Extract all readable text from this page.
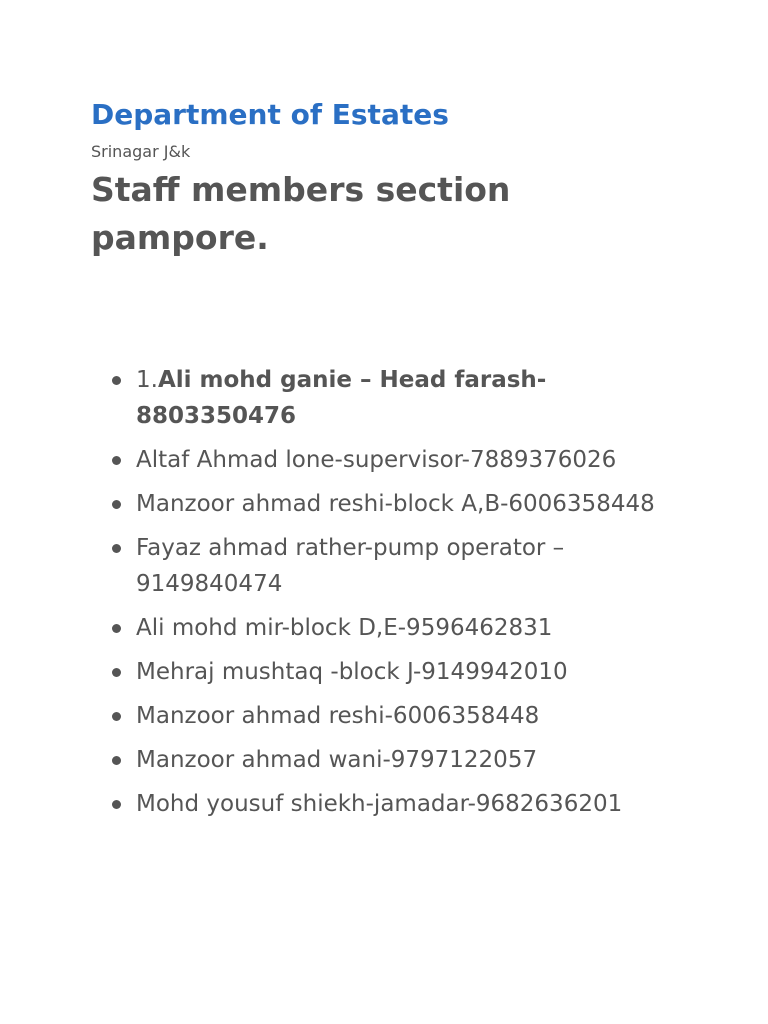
Department of Estates

Srinagar J&k

Staff members section pampore.
1.Ali mohd ganie – Head farash-8803350476
Altaf Ahmad lone-supervisor-7889376026
Manzoor ahmad reshi-block A,B-6006358448
Fayaz ahmad rather-pump operator –9149840474
Ali mohd mir-block D,E-9596462831
Mehraj mushtaq -block J-9149942010
Manzoor ahmad reshi-6006358448
Manzoor ahmad wani-9797122057
Mohd yousuf shiekh-jamadar-9682636201
